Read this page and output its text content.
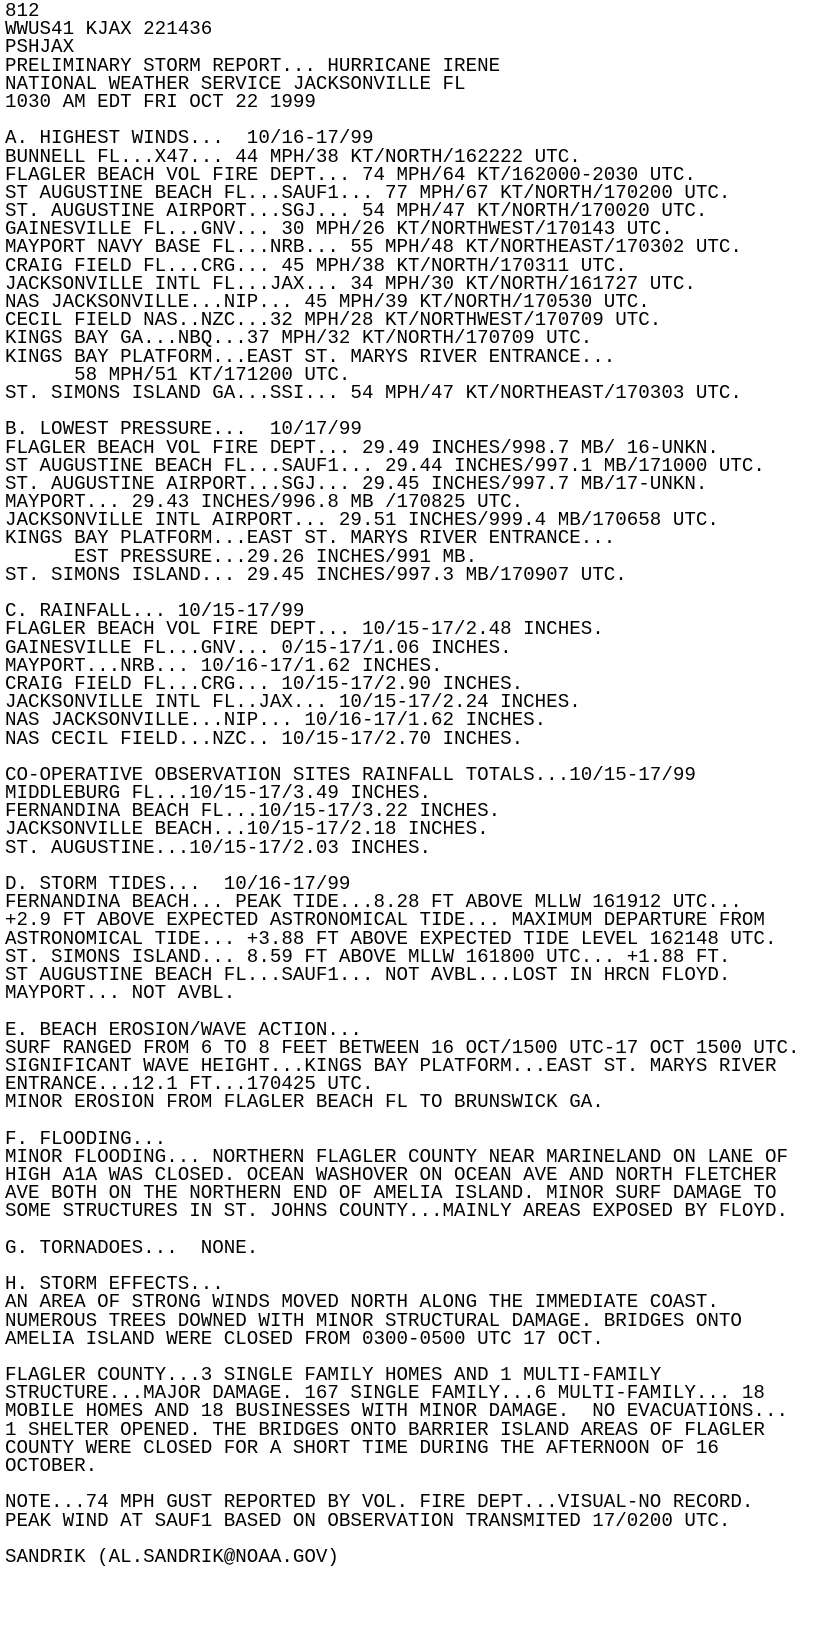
812
WWUS41 KJAX 221436
PSHJAX
PRELIMINARY STORM REPORT... HURRICANE IRENE
NATIONAL WEATHER SERVICE JACKSONVILLE FL
1030 AM EDT FRI OCT 22 1999
A. HIGHEST WINDS...  10/16-17/99
BUNNELL FL...X47... 44 MPH/38 KT/NORTH/162222 UTC.
FLAGLER BEACH VOL FIRE DEPT... 74 MPH/64 KT/162000-2030 UTC.
ST AUGUSTINE BEACH FL...SAUF1... 77 MPH/67 KT/NORTH/170200 UTC.
ST. AUGUSTINE AIRPORT...SGJ... 54 MPH/47 KT/NORTH/170020 UTC.
GAINESVILLE FL...GNV... 30 MPH/26 KT/NORTHWEST/170143 UTC.
MAYPORT NAVY BASE FL...NRB... 55 MPH/48 KT/NORTHEAST/170302 UTC.
CRAIG FIELD FL...CRG... 45 MPH/38 KT/NORTH/170311 UTC.
JACKSONVILLE INTL FL...JAX... 34 MPH/30 KT/NORTH/161727 UTC.
NAS JACKSONVILLE...NIP... 45 MPH/39 KT/NORTH/170530 UTC.
CECIL FIELD NAS..NZC...32 MPH/28 KT/NORTHWEST/170709 UTC.
KINGS BAY GA...NBQ...37 MPH/32 KT/NORTH/170709 UTC.
KINGS BAY PLATFORM...EAST ST. MARYS RIVER ENTRANCE...
58 MPH/51 KT/171200 UTC.
ST. SIMONS ISLAND GA...SSI... 54 MPH/47 KT/NORTHEAST/170303 UTC.
B. LOWEST PRESSURE...  10/17/99
FLAGLER BEACH VOL FIRE DEPT... 29.49 INCHES/998.7 MB/ 16-UNKN.
ST AUGUSTINE BEACH FL...SAUF1... 29.44 INCHES/997.1 MB/171000 UTC.
ST. AUGUSTINE AIRPORT...SGJ... 29.45 INCHES/997.7 MB/17-UNKN.
MAYPORT... 29.43 INCHES/996.8 MB /170825 UTC.
JACKSONVILLE INTL AIRPORT... 29.51 INCHES/999.4 MB/170658 UTC.
KINGS BAY PLATFORM...EAST ST. MARYS RIVER ENTRANCE...
EST PRESSURE...29.26 INCHES/991 MB.
ST. SIMONS ISLAND... 29.45 INCHES/997.3 MB/170907 UTC.
C. RAINFALL... 10/15-17/99
FLAGLER BEACH VOL FIRE DEPT... 10/15-17/2.48 INCHES.
GAINESVILLE FL...GNV... 0/15-17/1.06 INCHES.
MAYPORT...NRB... 10/16-17/1.62 INCHES.
CRAIG FIELD FL...CRG... 10/15-17/2.90 INCHES.
JACKSONVILLE INTL FL..JAX... 10/15-17/2.24 INCHES.
NAS JACKSONVILLE...NIP... 10/16-17/1.62 INCHES.
NAS CECIL FIELD...NZC.. 10/15-17/2.70 INCHES.
CO-OPERATIVE OBSERVATION SITES RAINFALL TOTALS...10/15-17/99
MIDDLEBURG FL...10/15-17/3.49 INCHES.
FERNANDINA BEACH FL...10/15-17/3.22 INCHES.
JACKSONVILLE BEACH...10/15-17/2.18 INCHES.
ST. AUGUSTINE...10/15-17/2.03 INCHES.
D. STORM TIDES...  10/16-17/99
FERNANDINA BEACH... PEAK TIDE...8.28 FT ABOVE MLLW 161912 UTC...
+2.9 FT ABOVE EXPECTED ASTRONOMICAL TIDE... MAXIMUM DEPARTURE FROM
ASTRONOMICAL TIDE... +3.88 FT ABOVE EXPECTED TIDE LEVEL 162148 UTC.
ST. SIMONS ISLAND... 8.59 FT ABOVE MLLW 161800 UTC... +1.88 FT.
ST AUGUSTINE BEACH FL...SAUF1... NOT AVBL...LOST IN HRCN FLOYD.
MAYPORT... NOT AVBL.
E. BEACH EROSION/WAVE ACTION...
SURF RANGED FROM 6 TO 8 FEET BETWEEN 16 OCT/1500 UTC-17 OCT 1500 UTC.
SIGNIFICANT WAVE HEIGHT...KINGS BAY PLATFORM...EAST ST. MARYS RIVER
ENTRANCE...12.1 FT...170425 UTC.
MINOR EROSION FROM FLAGLER BEACH FL TO BRUNSWICK GA.
F. FLOODING...
MINOR FLOODING... NORTHERN FLAGLER COUNTY NEAR MARINELAND ON LANE OF
HIGH A1A WAS CLOSED. OCEAN WASHOVER ON OCEAN AVE AND NORTH FLETCHER
AVE BOTH ON THE NORTHERN END OF AMELIA ISLAND. MINOR SURF DAMAGE TO
SOME STRUCTURES IN ST. JOHNS COUNTY...MAINLY AREAS EXPOSED BY FLOYD.
G. TORNADOES...  NONE.
H. STORM EFFECTS...
AN AREA OF STRONG WINDS MOVED NORTH ALONG THE IMMEDIATE COAST.
NUMEROUS TREES DOWNED WITH MINOR STRUCTURAL DAMAGE. BRIDGES ONTO
AMELIA ISLAND WERE CLOSED FROM 0300-0500 UTC 17 OCT.
FLAGLER COUNTY...3 SINGLE FAMILY HOMES AND 1 MULTI-FAMILY
STRUCTURE...MAJOR DAMAGE. 167 SINGLE FAMILY...6 MULTI-FAMILY... 18
MOBILE HOMES AND 18 BUSINESSES WITH MINOR DAMAGE.  NO EVACUATIONS...
1 SHELTER OPENED. THE BRIDGES ONTO BARRIER ISLAND AREAS OF FLAGLER
COUNTY WERE CLOSED FOR A SHORT TIME DURING THE AFTERNOON OF 16
OCTOBER.
NOTE...74 MPH GUST REPORTED BY VOL. FIRE DEPT...VISUAL-NO RECORD.
PEAK WIND AT SAUF1 BASED ON OBSERVATION TRANSMITED 17/0200 UTC.
SANDRIK (AL.SANDRIK@NOAA.GOV)
